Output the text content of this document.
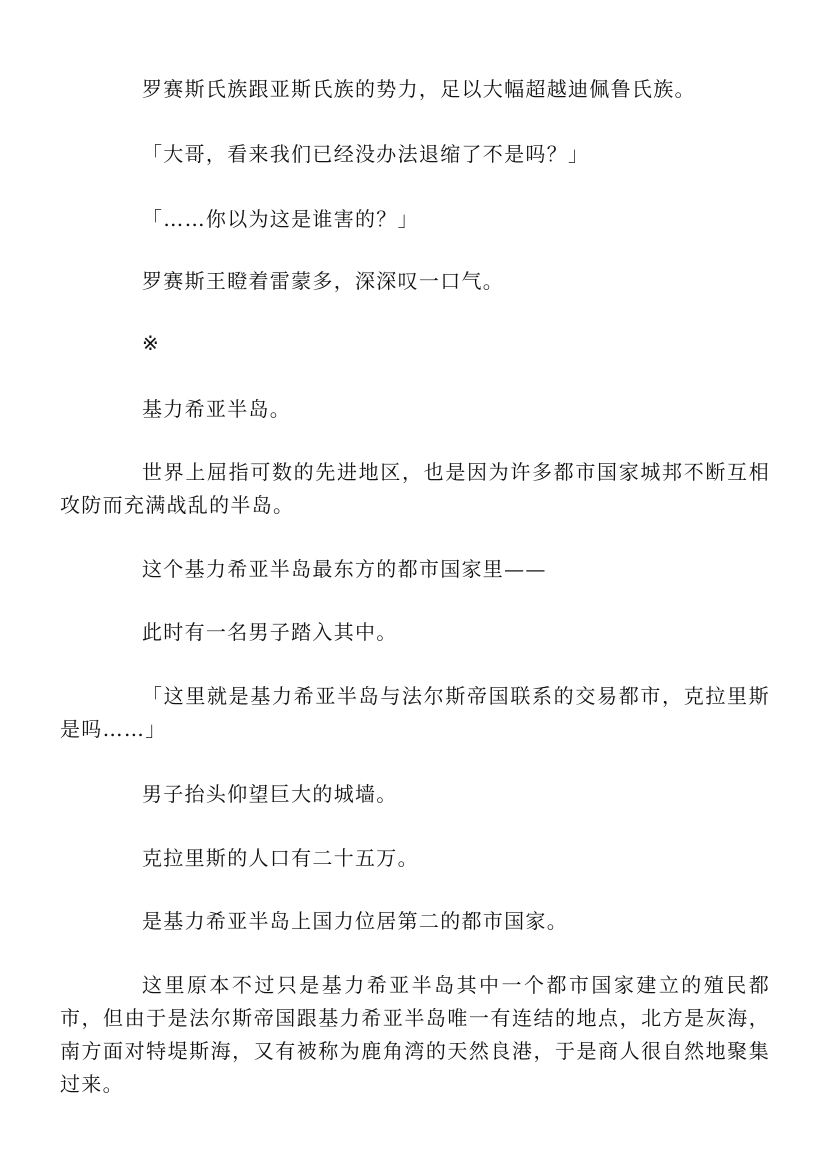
罗赛斯氏族跟亚斯氏族的势力，足以大幅超越迪佩鲁氏族。

「大哥，看来我们已经没办法退缩了不是吗？」

「……你以为这是谁害的？」

罗赛斯王瞪着雷蒙多，深深叹一口气。

※

基力希亚半岛。

世界上屈指可数的先进地区，也是因为许多都市国家城邦不断互相攻防而充满战乱的半岛。

这个基力希亚半岛最东方的都市国家里——

此时有一名男子踏入其中。

「这里就是基力希亚半岛与法尔斯帝国联系的交易都市，克拉里斯是吗……」

男子抬头仰望巨大的城墙。

克拉里斯的人口有二十五万。

是基力希亚半岛上国力位居第二的都市国家。

这里原本不过只是基力希亚半岛其中一个都市国家建立的殖民都市，但由于是法尔斯帝国跟基力希亚半岛唯一有连结的地点，北方是灰海，南方面对特堤斯海，又有被称为鹿角湾的天然良港，于是商人很自然地聚集过来。
